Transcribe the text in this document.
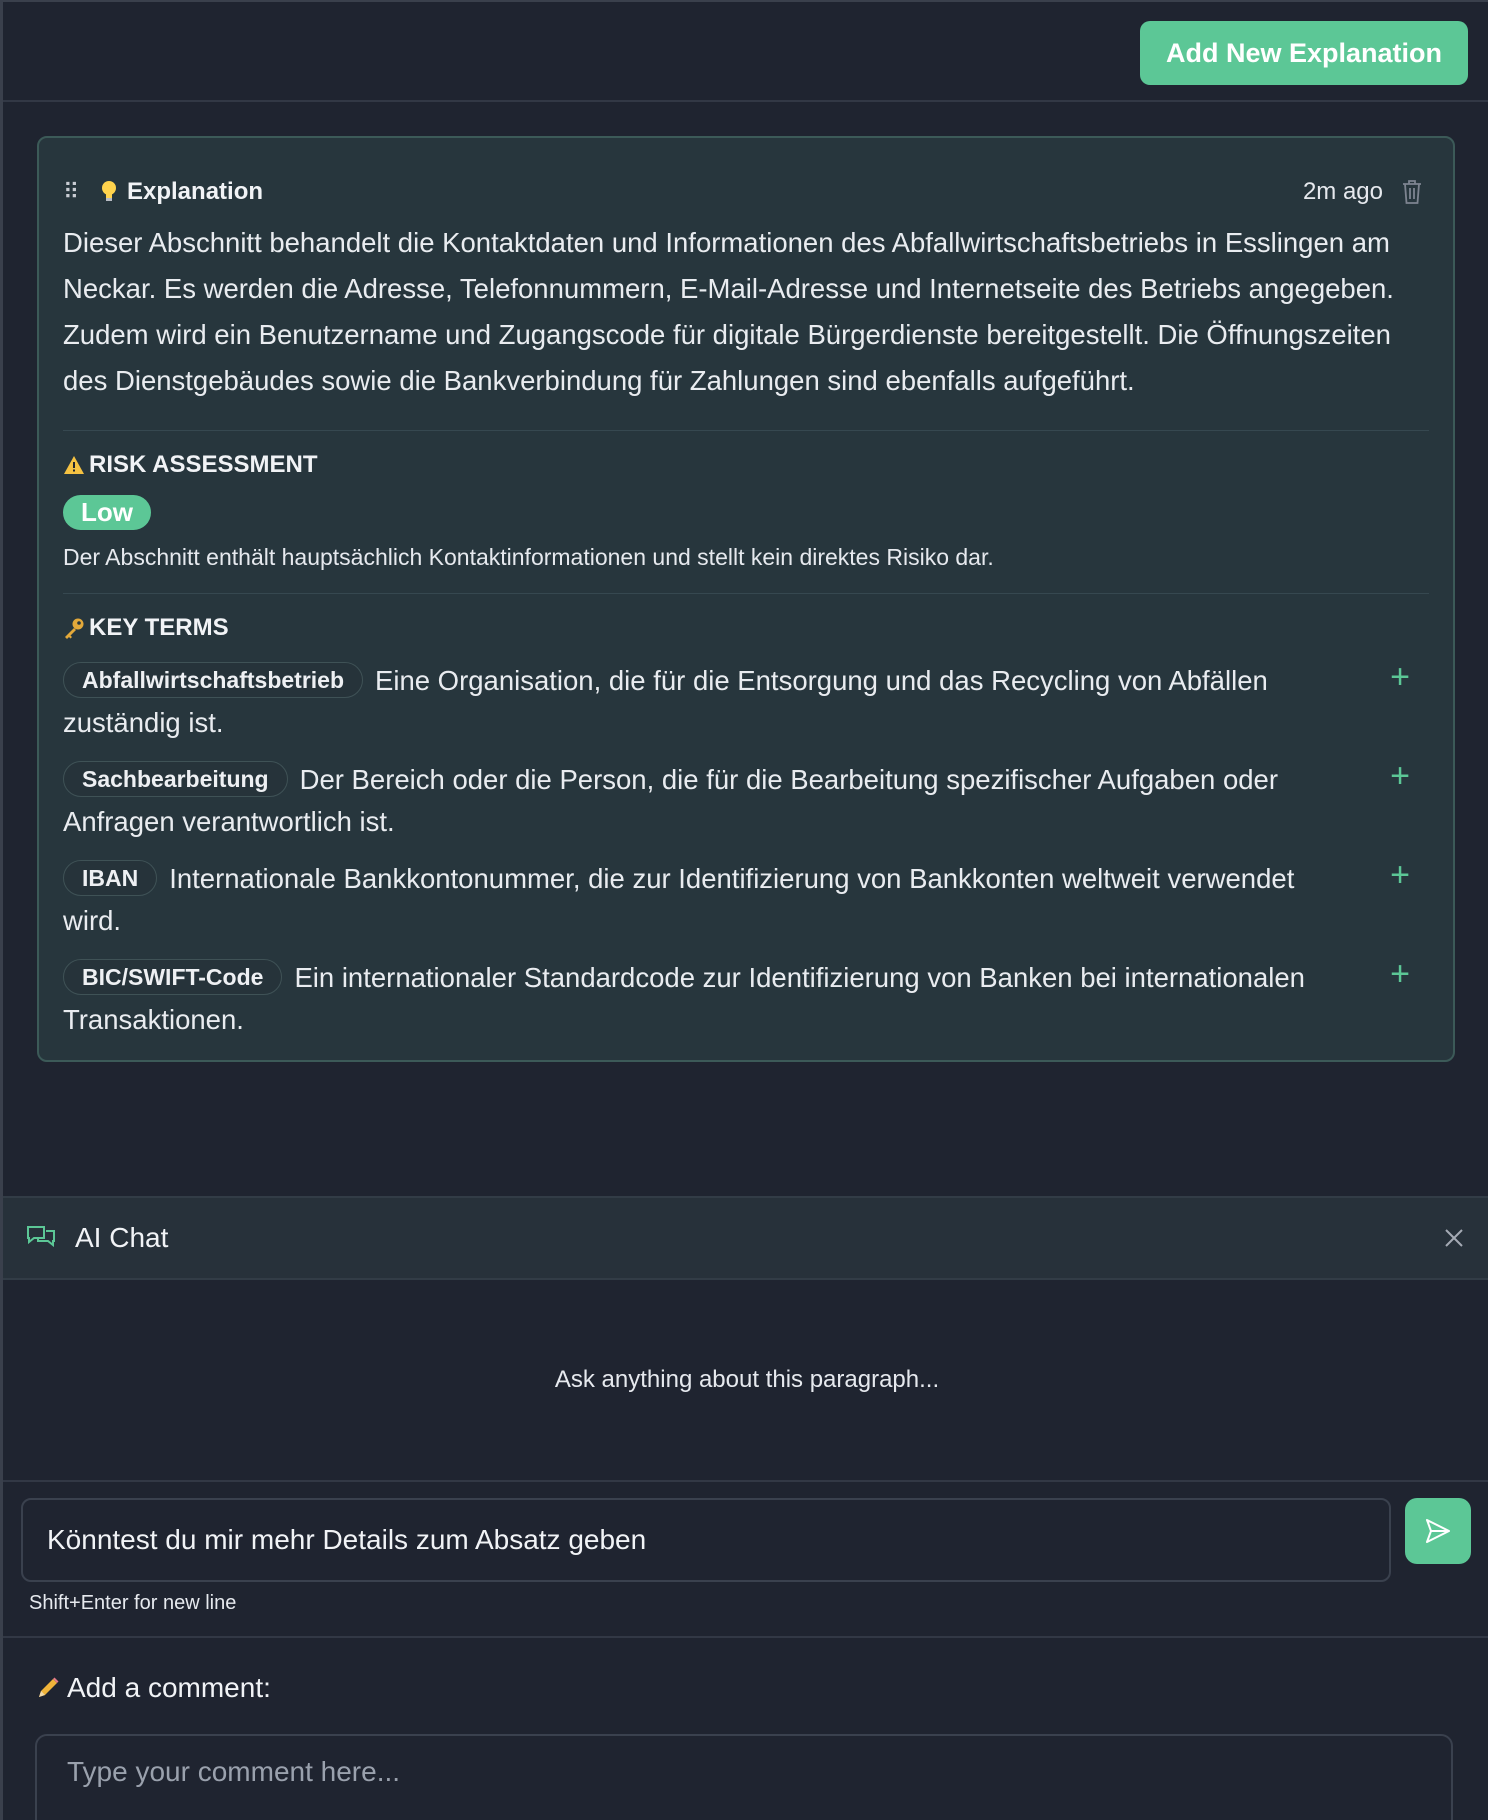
Add New Explanation
⠿	Explanation	2m ago
Dieser Abschnitt behandelt die Kontaktdaten und Informationen des Abfallwirtschaftsbetriebs in Esslingen am Neckar. Es werden die Adresse, Telefonnummern, E-Mail-Adresse und Internetseite des Betriebs angegeben. Zudem wird ein Benutzername und Zugangscode für digitale Bürgerdienste bereitgestellt. Die Öffnungszeiten des Dienstgebäudes sowie die Bankverbindung für Zahlungen sind ebenfalls aufgeführt.
RISK ASSESSMENT
Low
Der Abschnitt enthält hauptsächlich Kontaktinformationen und stellt kein direktes Risiko dar.
KEY TERMS
Abfallwirtschaftsbetrieb Eine Organisation, die für die Entsorgung und das Recycling von Abfällen zuständig ist.
+
Sachbearbeitung Der Bereich oder die Person, die für die Bearbeitung spezifischer Aufgaben oder Anfragen verantwortlich ist.
+
IBAN Internationale Bankkontonummer, die zur Identifizierung von Bankkonten weltweit verwendet wird.
+
BIC/SWIFT-Code Ein internationaler Standardcode zur Identifizierung von Banken bei internationalen Transaktionen.
+
AI Chat
Ask anything about this paragraph...
Könntest du mir mehr Details zum Absatz geben
Shift+Enter for new line
Add a comment:
Type your comment here...
